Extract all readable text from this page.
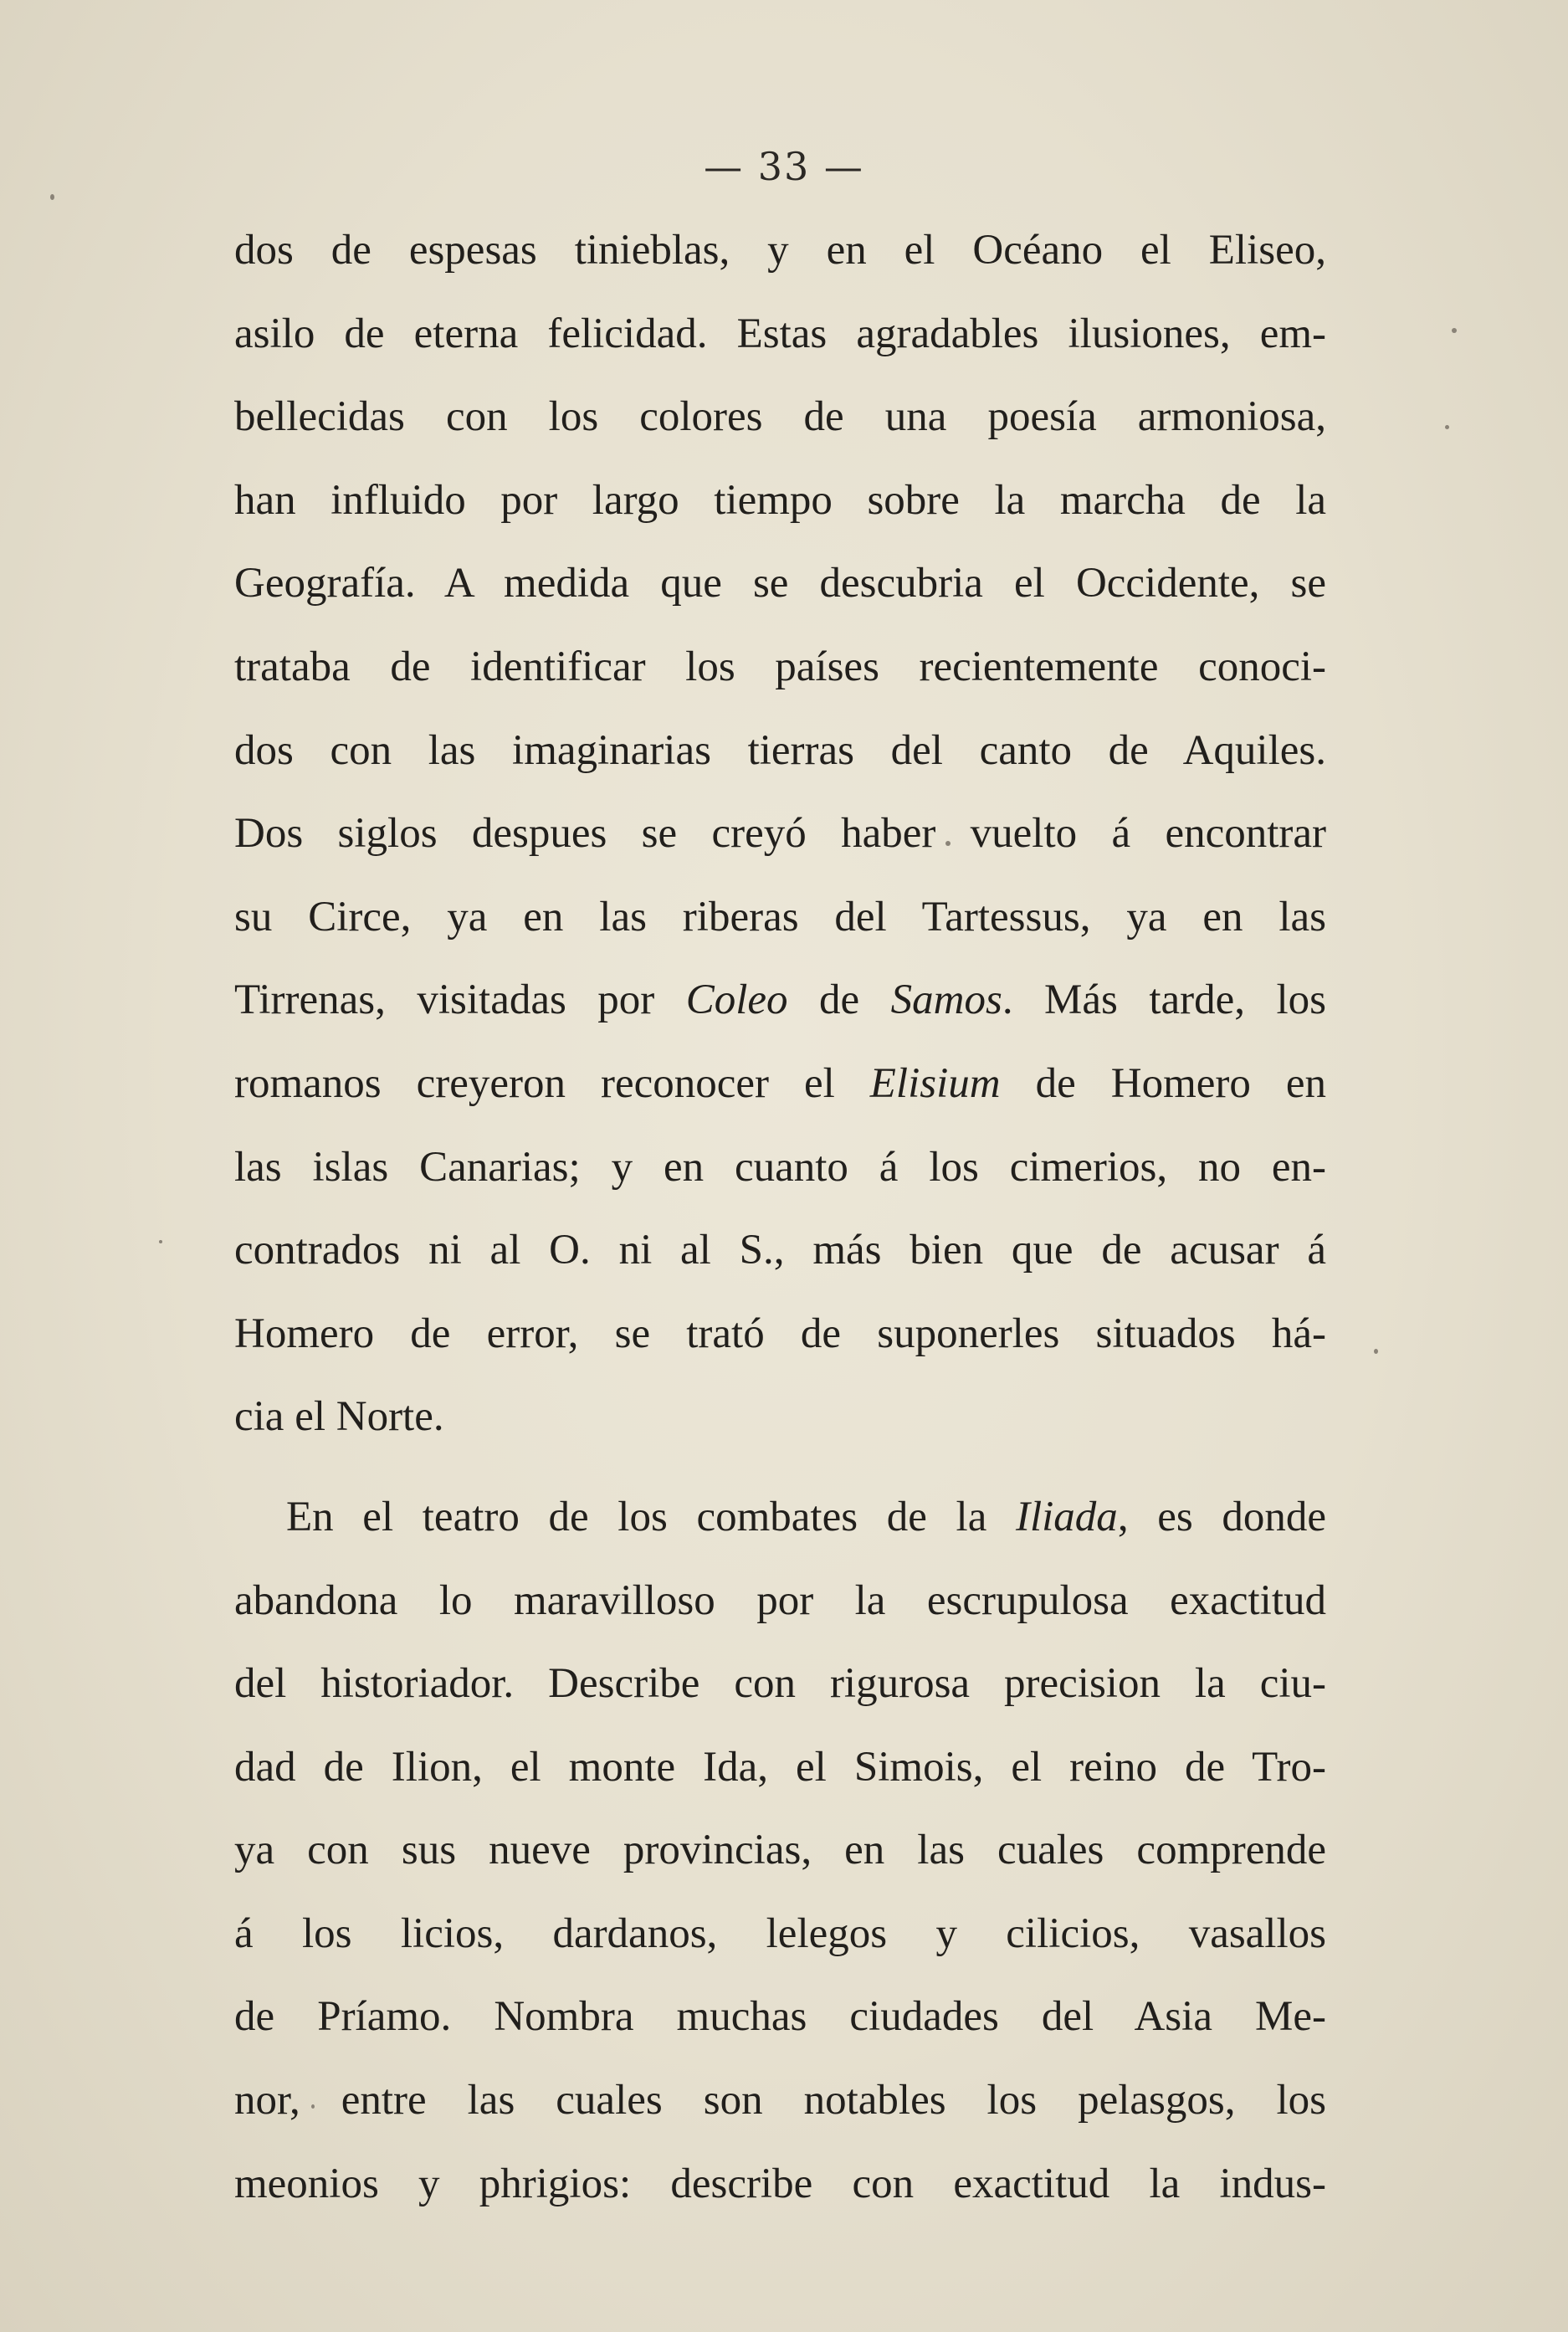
— 33 —
dos de espesas tinieblas, y en el Océano el Eliseo,
asilo de eterna felicidad. Estas agradables ilusiones, em-
bellecidas con los colores de una poesía armoniosa,
han influido por largo tiempo sobre la marcha de la
Geografía. A medida que se descubria el Occidente, se
trataba de identificar los países recientemente conoci-
dos con las imaginarias tierras del canto de Aquiles.
Dos siglos despues se creyó haber vuelto á encontrar
su Circe, ya en las riberas del Tartessus, ya en las
Tirrenas, visitadas por Coleo de Samos. Más tarde, los
romanos creyeron reconocer el Elisium de Homero en
las islas Canarias; y en cuanto á los cimerios, no en-
contrados ni al O. ni al S., más bien que de acusar á
Homero de error, se trató de suponerles situados há-
cia el Norte.
En el teatro de los combates de la Iliada, es donde
abandona lo maravilloso por la escrupulosa exactitud
del historiador. Describe con rigurosa precision la ciu-
dad de Ilion, el monte Ida, el Simois, el reino de Tro-
ya con sus nueve provincias, en las cuales comprende
á los licios, dardanos, lelegos y cilicios, vasallos
de Príamo. Nombra muchas ciudades del Asia Me-
nor, entre las cuales son notables los pelasgos, los
meonios y phrigios: describe con exactitud la indus-
